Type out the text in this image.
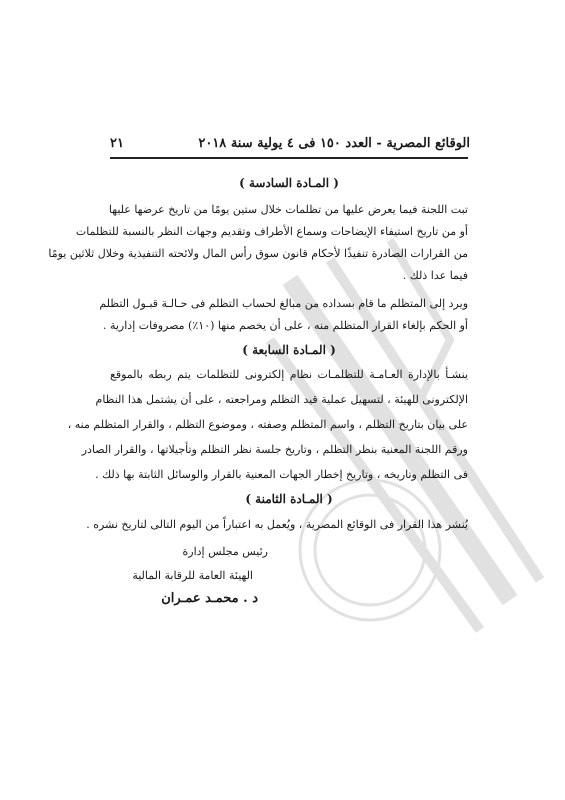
الوقائع المصرية - العدد ١٥٠ فى ٤ يولية سنة ٢٠١٨
٢١
( المـادة السادسة )
تبت اللجنة فيما يعرض عليها من تظلمات خلال ستين يومًا من تاريخ عرضها عليها
أو من تاريخ استيفاء الإيضاحات وسماع الأطراف وتقديم وجهات النظر بالنسبة للتظلمات
من القرارات الصادرة تنفيذًا لأحكام قانون سوق رأس المال ولائحته التنفيذية وخلال ثلاثين يومًا
فيما عدا ذلك .
ويرد إلى المتظلم ما قام بسداده من مبالغ لحساب التظلم فى حـالـة قبـول التظلم
أو الحكم بإلغاء القرار المتظلم منه ، على أن يخصم منها (١٠٪) مصروفات إدارية .
( المـادة السابعة )
ينشـأ بالإدارة العـامـة للتظلمـات نظام إلكترونى للتظلمات يتم ربطه بالموقع
الإلكترونى للهيئة ، لتسهيل عملية قيد التظلم ومراجعته ، على أن يشتمل هذا النظام
على بيان بتاريخ التظلم ، واسم المتظلم وصفته ، وموضوع التظلم ، والقرار المتظلم منه ،
ورقم اللجنة المعنية بنظر التظلم ، وتاريخ جلسة نظر التظلم وتأجيلاتها ، والقرار الصادر
فى التظلم وتاريخه ، وتاريخ إخطار الجهات المعنية بالقرار والوسائل الثابتة بها ذلك .
( المـادة الثامنة )
يُنشر هذا القرار فى الوقائع المصرية ، ويُعمل به اعتباراً من اليوم التالى لتاريخ نشره .
رئيس مجلس إدارة
الهيئة العامة للرقابة المالية
د . محمـد عمـران
